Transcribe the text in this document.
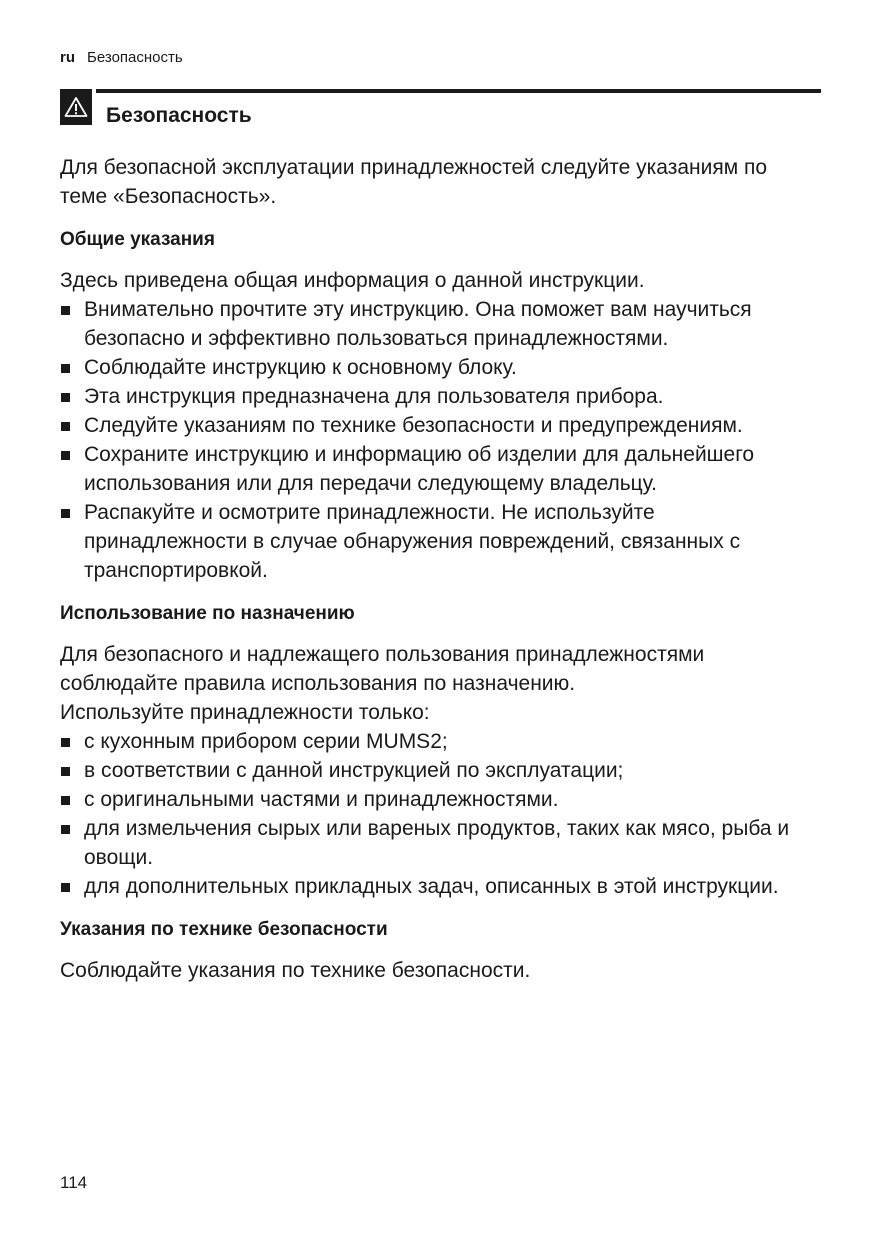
ru Безопасность
Безопасность

Для безопасной эксплуатации принадлежностей следуйте указаниям по теме «Безопасность».

Общие указания

Здесь приведена общая информация о данной инструкции.

Внимательно прочтите эту инструкцию. Она поможет вам научиться безопасно и эффективно пользоваться принадлежностями.
Соблюдайте инструкцию к основному блоку.
Эта инструкция предназначена для пользователя прибора.
Следуйте указаниям по технике безопасности и предупреждениям.
Сохраните инструкцию и информацию об изделии для дальнейшего использования или для передачи следующему владельцу.
Распакуйте и осмотрите принадлежности. Не используйте принадлежности в случае обнаружения повреждений, связанных с транспортировкой.
Использование по назначению

Для безопасного и надлежащего пользования принадлежностями соблюдайте правила использования по назначению.

Используйте принадлежности только:

с кухонным прибором серии MUMS2;
в соответствии с данной инструкцией по эксплуатации;
с оригинальными частями и принадлежностями.
для измельчения сырых или вареных продуктов, таких как мясо, рыба и овощи.
для дополнительных прикладных задач, описанных в этой инструкции.
Указания по технике безопасности

Соблюдайте указания по технике безопасности.

114
